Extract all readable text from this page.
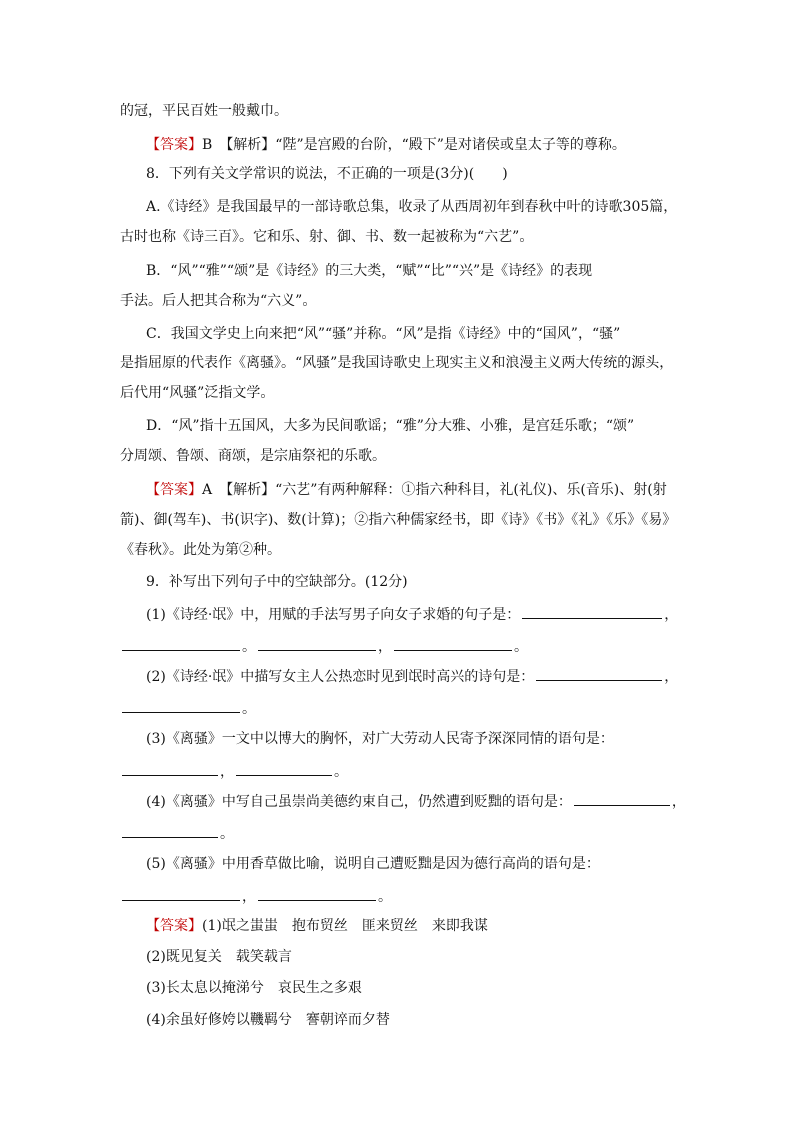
的冠，平民百姓一般戴巾。
【答案】B　【解析】“陛”是宫殿的台阶，“殿下”是对诸侯或皇太子等的尊称。
8．下列有关文学常识的说法，不正确的一项是(3分)(　　)
A.《诗经》是我国最早的一部诗歌总集，收录了从西周初年到春秋中叶的诗歌305篇，
古时也称《诗三百》。它和乐、射、御、书、数一起被称为“六艺”。
B．“风”“雅”“颂”是《诗经》的三大类，“赋”“比”“兴”是《诗经》的表现
手法。后人把其合称为“六义”。
C．我国文学史上向来把“风”“骚”并称。“风”是指《诗经》中的“国风”，“骚”
是指屈原的代表作《离骚》。“风骚”是我国诗歌史上现实主义和浪漫主义两大传统的源头，
后代用“风骚”泛指文学。
D．“风”指十五国风，大多为民间歌谣；“雅”分大雅、小雅，是宫廷乐歌；“颂”
分周颂、鲁颂、商颂，是宗庙祭祀的乐歌。
【答案】A　【解析】“六艺”有两种解释：①指六种科目，礼(礼仪)、乐(音乐)、射(射
箭)、御(驾车)、书(识字)、数(计算)；②指六种儒家经书，即《诗》《书》《礼》《乐》《易》
《春秋》。此处为第②种。
9．补写出下列句子中的空缺部分。(12分)
(1)《诗经·氓》中，用赋的手法写男子向女子求婚的句子是：	，
。	，	。
(2)《诗经·氓》中描写女主人公热恋时见到氓时高兴的诗句是：	，
。
(3)《离骚》一文中以博大的胸怀，对广大劳动人民寄予深深同情的语句是：
，	。
(4)《离骚》中写自己虽崇尚美德约束自己，仍然遭到贬黜的语句是：	，
。
(5)《离骚》中用香草做比喻，说明自己遭贬黜是因为德行高尚的语句是：
，	。
【答案】(1)氓之蚩蚩　抱布贸丝　匪来贸丝　来即我谋
(2)既见复关　载笑载言
(3)长太息以掩涕兮　哀民生之多艰
(4)余虽好修姱以鞿羁兮　謇朝谇而夕替
